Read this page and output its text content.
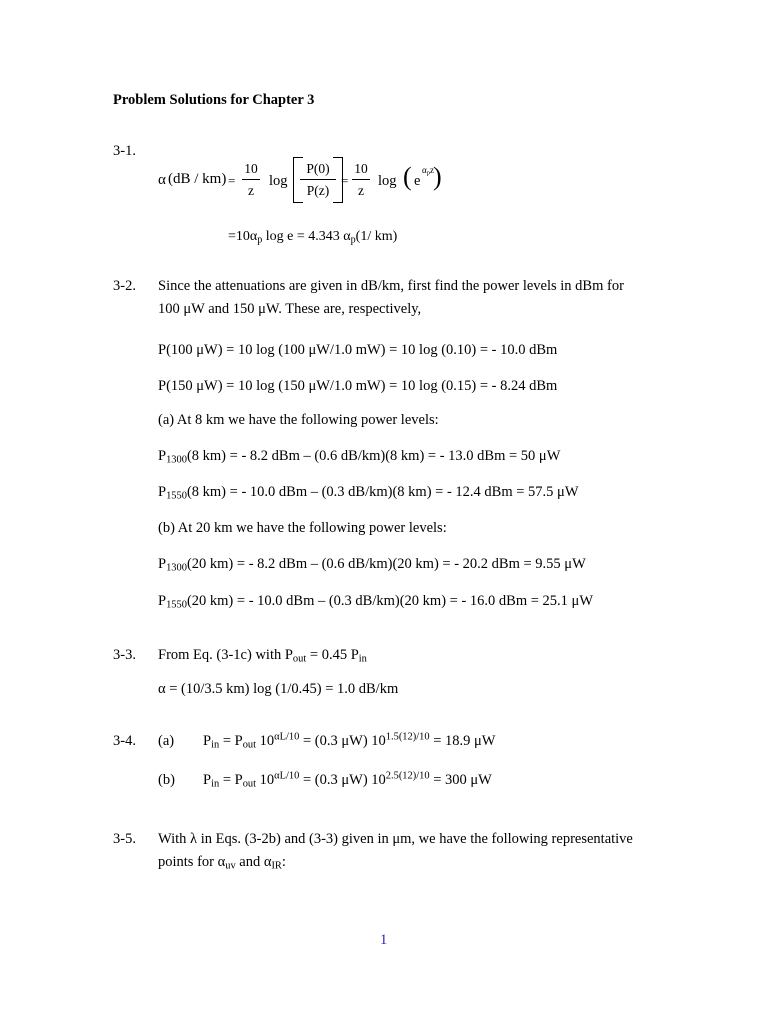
Problem Solutions for Chapter 3
3-1.
α (dB / km) =
10
z
log
P(0)
P(z)
=
10
z
log ( e
$\alpha_pz$ )
$=10\alpha_p$ log e = 4.343 $\alpha_p(1/$ km)
3-2. Since the attenuations are given in dB/km, first find the power levels in dBm for
100 μW and 150 μW. These are, respectively,
P(100 μW) = 10 log (100 μW/1.0 mW) = 10 log (0.10) = - 10.0 dBm
P(150 μW) = 10 log (150 μW/1.0 mW) = 10 log (0.15) = - 8.24 dBm
(a) At 8 km we have the following power levels:
$P_{1300}(8$ km) = - 8.2 dBm – (0.6 dB/km)(8 km) = - 13.0 dBm = 50 μW
$P_{1550}(8$ km) = - 10.0 dBm – (0.3 dB/km)(8 km) = - 12.4 dBm = 57.5 μW
(b) At 20 km we have the following power levels:
$P_{1300}(20$ km) = - 8.2 dBm – (0.6 dB/km)(20 km) = - 20.2 dBm = 9.55 μW
$P_{1550}(20$ km) = - 10.0 dBm – (0.3 dB/km)(20 km) = - 16.0 dBm = 25.1 μW
3-3. From Eq. (3-1c) with $P_{out} = 0.45$ $P_{in}$
α = (10/3.5 km) log (1/0.45) = 1.0 dB/km
3-4. (a) $P_{in} = P_{out}$ $10^{\alpha L/10} = (0.3$ μW) $10^{1.5(12)/10} = 18.9$ μW
(b) $P_{in} = P_{out}$ $10^{\alpha L/10} = (0.3$ μW) $10^{2.5(12)/10} = 300$ μW
3-5. With λ in Eqs. (3-2b) and (3-3) given in μm, we have the following representative
points for $\alpha_{uv}$ and $\alpha_{IR}$:
1
